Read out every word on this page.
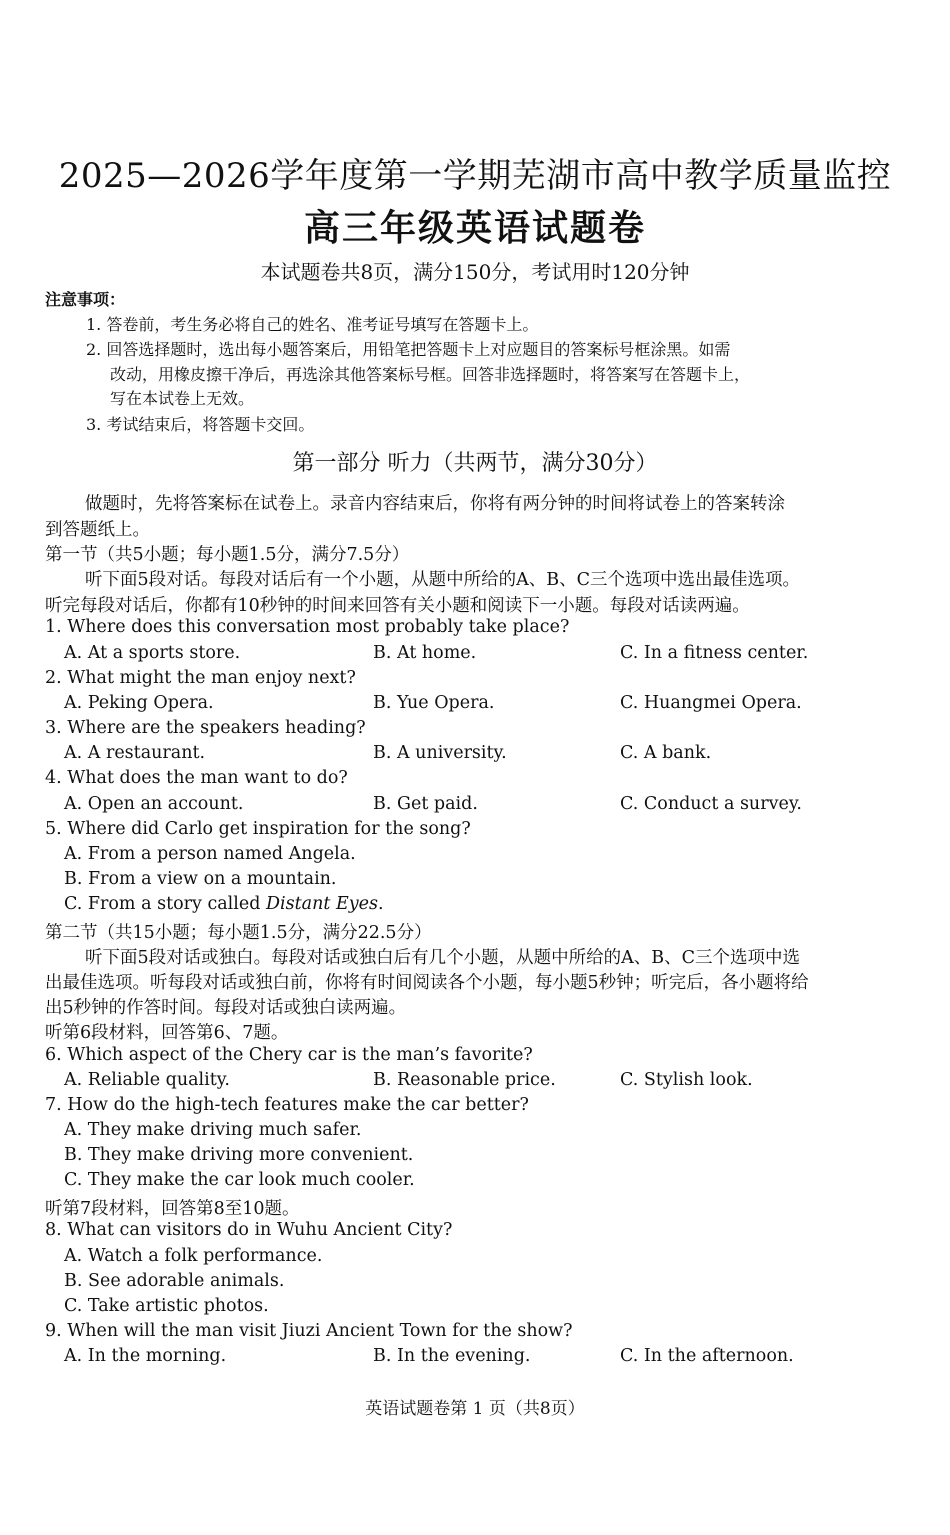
2025—2026学年度第一学期芜湖市高中教学质量监控
高三年级英语试题卷
本试题卷共8页，满分150分，考试用时120分钟
注意事项：
1. 答卷前，考生务必将自己的姓名、准考证号填写在答题卡上。
2. 回答选择题时，选出每小题答案后，用铅笔把答题卡上对应题目的答案标号框涂黑。如需
改动，用橡皮擦干净后，再选涂其他答案标号框。回答非选择题时，将答案写在答题卡上，
写在本试卷上无效。
3. 考试结束后，将答题卡交回。
第一部分 听力（共两节，满分30分）
做题时，先将答案标在试卷上。录音内容结束后，你将有两分钟的时间将试卷上的答案转涂
到答题纸上。
第一节（共5小题；每小题1.5分，满分7.5分）
听下面5段对话。每段对话后有一个小题，从题中所给的A、B、C三个选项中选出最佳选项。
听完每段对话后，你都有10秒钟的时间来回答有关小题和阅读下一小题。每段对话读两遍。
1. Where does this conversation most probably take place?
A. At a sports store.	B. At home.	C. In a fitness center.
2. What might the man enjoy next?
A. Peking Opera.	B. Yue Opera.	C. Huangmei Opera.
3. Where are the speakers heading?
A. A restaurant.	B. A university.	C. A bank.
4. What does the man want to do?
A. Open an account.	B. Get paid.	C. Conduct a survey.
5. Where did Carlo get inspiration for the song?
A. From a person named Angela.
B. From a view on a mountain.
C. From a story called Distant Eyes.
第二节（共15小题；每小题1.5分，满分22.5分）
听下面5段对话或独白。每段对话或独白后有几个小题，从题中所给的A、B、C三个选项中选
出最佳选项。听每段对话或独白前，你将有时间阅读各个小题，每小题5秒钟；听完后，各小题将给
出5秒钟的作答时间。每段对话或独白读两遍。
听第6段材料，回答第6、7题。
6. Which aspect of the Chery car is the man’s favorite?
A. Reliable quality.	B. Reasonable price.	C. Stylish look.
7. How do the high-tech features make the car better?
A. They make driving much safer.
B. They make driving more convenient.
C. They make the car look much cooler.
听第7段材料，回答第8至10题。
8. What can visitors do in Wuhu Ancient City?
A. Watch a folk performance.
B. See adorable animals.
C. Take artistic photos.
9. When will the man visit Jiuzi Ancient Town for the show?
A. In the morning.	B. In the evening.	C. In the afternoon.
英语试题卷第 1 页（共8页）
